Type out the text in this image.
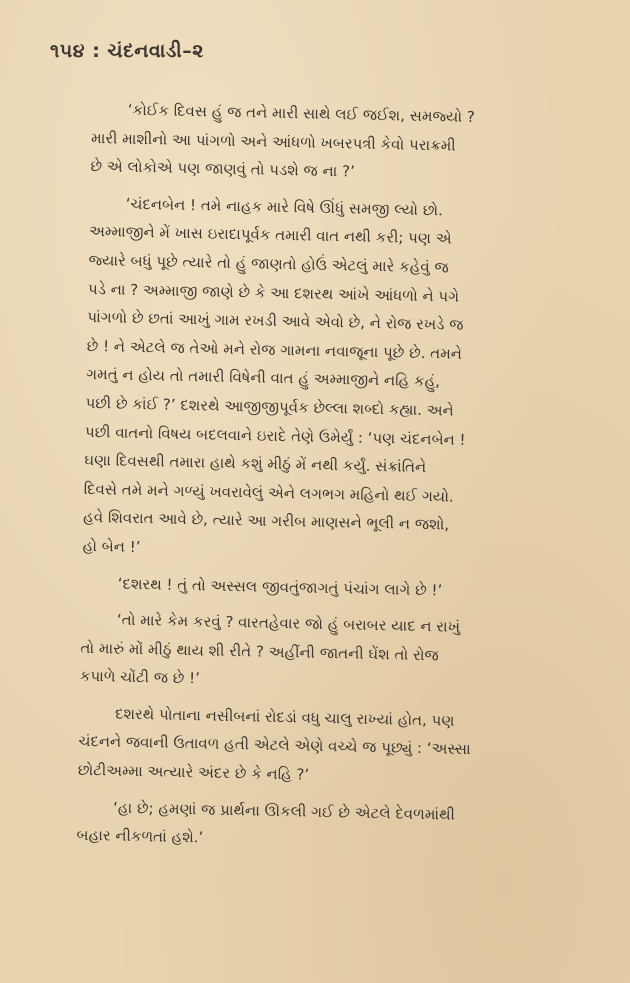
૧૫૪ : ચંદનવાડી–૨
‘કોઈક દિવસ હું જ તને મારી સાથે લઈ જઈશ, સમજ્યો ?
મારી માશીનો આ પાંગળો અને આંધળો ખબરપત્રી કેવો પરાક્રમી
છે એ લોકોએ પણ જાણવું તો પડશે જ ના ?’
‘ચંદનબેન ! તમે નાહક મારે વિષે ઊંધું સમજી લ્યો છો.
અમ્માજીને મેં ખાસ ઇરાદાપૂર્વક તમારી વાત નથી કરી; પણ એ
જ્યારે બધું પૂછે ત્યારે તો હું જાણતો હોઉં એટલું મારે કહેવું જ
પડે ના ? અમ્માજી જાણે છે કે આ દશરથ આંખે આંધળો ને પગે
પાંગળો છે છતાં આખું ગામ રખડી આવે એવો છે, ને રોજ રખડે જ
છે ! ને એટલે જ તેઓ મને રોજ ગામના નવાજૂના પૂછે છે. તમને
ગમતું ન હોય તો તમારી વિષેની વાત હું અમ્માજીને નહિ કહું,
પછી છે કાંઈ ?’ દશરથે આજીજીપૂર્વક છેલ્લા શબ્દો કહ્યા. અને
પછી વાતનો વિષય બદલવાને ઇરાદે તેણે ઉમેર્યું : ‘પણ ચંદનબેન !
ઘણા દિવસથી તમારા હાથે કશું મીઠું મેં નથી કર્યું. સંક્રાંતિને
દિવસે તમે મને ગળ્યું ખવરાવેલું એને લગભગ મહિનો થઈ ગયો.
હવે શિવરાત આવે છે, ત્યારે આ ગરીબ માણસને ભૂલી ન જશો,
હો બેન !’
‘દશરથ ! તું તો અસ્સલ જીવતુંજાગતું પંચાંગ લાગે છે !’
‘તો મારે કેમ કરવું ? વારતહેવાર જો હું બરાબર યાદ ન રાખું
તો મારું મોં મીઠું થાય શી રીતે ? અહીંની જાતની ઘેંશ તો રોજ
કપાળે ચોંટી જ છે !’
દશરથે પોતાના નસીબનાં રોદડાં વધુ ચાલુ રાખ્યાં હોત, પણ
ચંદનને જવાની ઉતાવળ હતી એટલે એણે વચ્ચે જ પૂછ્યું : ‘અસ્સા
છોટીઅમ્મા અત્યારે અંદર છે કે નહિ ?’
‘હા છે; હમણાં જ પ્રાર્થના ઊકલી ગઈ છે એટલે દેવળમાંથી
બહાર નીકળતાં હશે.’
